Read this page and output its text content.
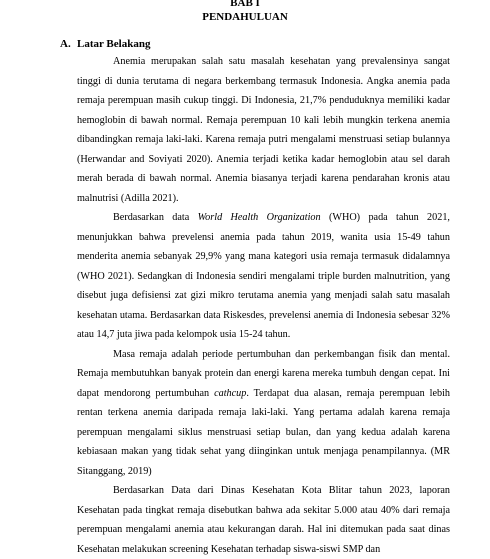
BAB I
PENDAHULUAN
A. Latar Belakang

Anemia merupakan salah satu masalah kesehatan yang prevalensinya sangat tinggi di dunia terutama di negara berkembang termasuk Indonesia. Angka anemia pada remaja perempuan masih cukup tinggi. Di Indonesia, 21,7% penduduknya memiliki kadar hemoglobin di bawah normal. Remaja perempuan 10 kali lebih mungkin terkena anemia dibandingkan remaja laki-laki. Karena remaja putri mengalami menstruasi setiap bulannya (Herwandar and Soviyati 2020). Anemia terjadi ketika kadar hemoglobin atau sel darah merah berada di bawah normal. Anemia biasanya terjadi karena pendarahan kronis atau malnutrisi (Adilla 2021).

Berdasarkan data World Health Organization (WHO) pada tahun 2021, menunjukkan bahwa prevelensi anemia pada tahun 2019, wanita usia 15-49 tahun menderita anemia sebanyak 29,9% yang mana kategori usia remaja termasuk didalamnya (WHO 2021). Sedangkan di Indonesia sendiri mengalami triple burden malnutrition, yang disebut juga defisiensi zat gizi mikro terutama anemia yang menjadi salah satu masalah kesehatan utama. Berdasarkan data Riskesdes, prevelensi anemia di Indonesia sebesar 32% atau 14,7 juta jiwa pada kelompok usia 15-24 tahun.

Masa remaja adalah periode pertumbuhan dan perkembangan fisik dan mental. Remaja membutuhkan banyak protein dan energi karena mereka tumbuh dengan cepat. Ini dapat mendorong pertumbuhan cathcup. Terdapat dua alasan, remaja perempuan lebih rentan terkena anemia daripada remaja laki-laki. Yang pertama adalah karena remaja perempuan mengalami siklus menstruasi setiap bulan, dan yang kedua adalah karena kebiasaan makan yang tidak sehat yang diinginkan untuk menjaga penampilannya. (MR Sitanggang, 2019)

Berdasarkan Data dari Dinas Kesehatan Kota Blitar tahun 2023, laporan Kesehatan pada tingkat remaja disebutkan bahwa ada sekitar 5.000 atau 40% dari remaja perempuan mengalami anemia atau kekurangan darah. Hal ini ditemukan pada saat dinas Kesehatan melakukan screening Kesehatan terhadap siswa-siswi SMP dan
